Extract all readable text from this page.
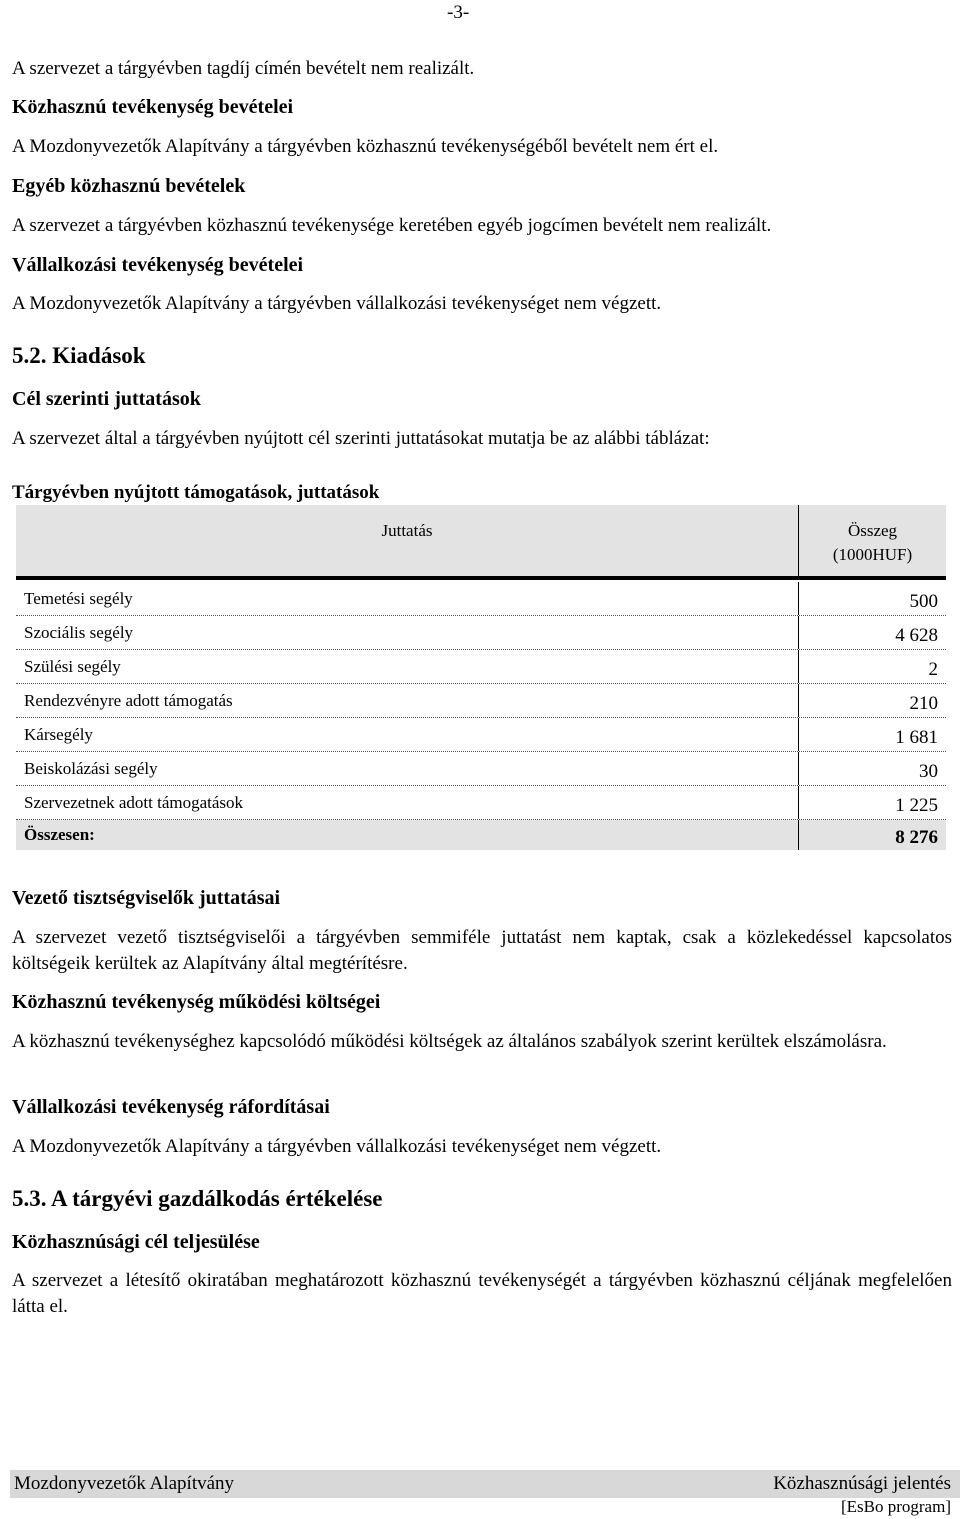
-3-
A szervezet a tárgyévben tagdíj címén bevételt nem realizált.
Közhasznú tevékenység bevételei
A Mozdonyvezetők Alapítvány a tárgyévben közhasznú tevékenységéből bevételt nem ért el.
Egyéb közhasznú bevételek
A szervezet a tárgyévben közhasznú tevékenysége keretében egyéb jogcímen bevételt nem realizált.
Vállalkozási tevékenység bevételei
A Mozdonyvezetők Alapítvány a tárgyévben vállalkozási tevékenységet nem végzett.
5.2. Kiadások
Cél szerinti juttatások
A szervezet által a tárgyévben nyújtott cél szerinti juttatásokat mutatja be az alábbi táblázat:
Tárgyévben nyújtott támogatások, juttatások
Juttatás	Összeg
(1000HUF)
Temetési segély	500
Szociális segély	4 628
Szülési segély	2
Rendezvényre adott támogatás	210
Kársegély	1 681
Beiskolázási segély	30
Szervezetnek adott támogatások	1 225
Összesen:	8 276
Vezető tisztségviselők juttatásai
A szervezet vezető tisztségviselői a tárgyévben semmiféle juttatást nem kaptak, csak a közlekedéssel kapcsolatos költségeik kerültek az Alapítvány által megtérítésre.
Közhasznú tevékenység működési költségei
A közhasznú tevékenységhez kapcsolódó működési költségek az általános szabályok szerint kerültek elszámolásra.
Vállalkozási tevékenység ráfordításai
A Mozdonyvezetők Alapítvány a tárgyévben vállalkozási tevékenységet nem végzett.
5.3. A tárgyévi gazdálkodás értékelése
Közhasznúsági cél teljesülése
A szervezet a létesítő okiratában meghatározott közhasznú tevékenységét a tárgyévben közhasznú céljának megfelelően látta el.
Mozdonyvezetők Alapítvány	Közhasznúsági jelentés
[EsBo program]
